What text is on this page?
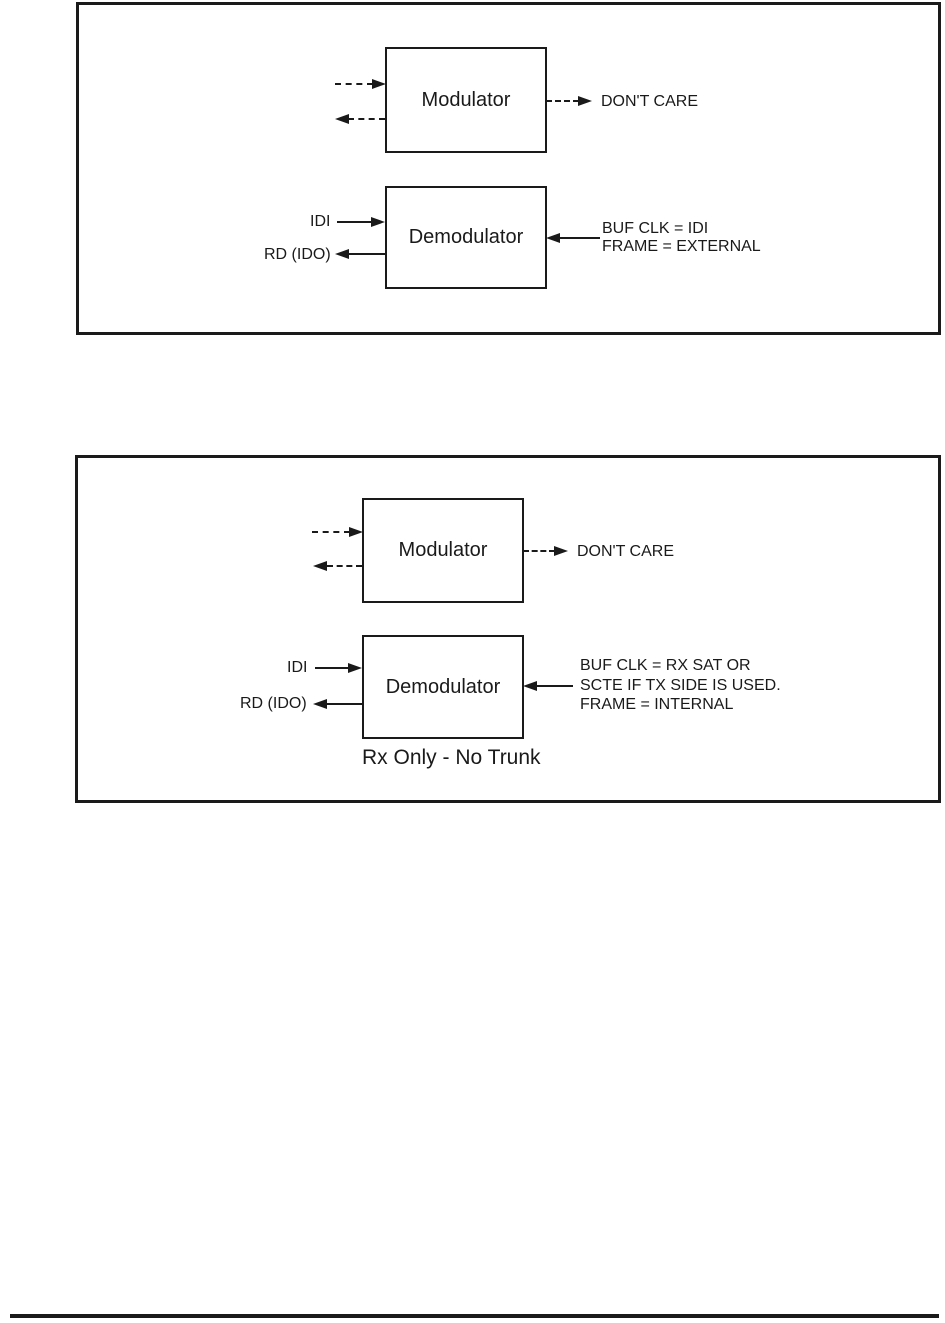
Modulator	DON'T CARE
Demodulator
IDI
RD (IDO)
BUF CLK = IDI
FRAME = EXTERNAL
Modulator	DON'T CARE
Demodulator
IDI
RD (IDO)
BUF CLK = RX SAT OR
SCTE IF TX SIDE IS USED.
FRAME = INTERNAL
Rx Only - No Trunk
